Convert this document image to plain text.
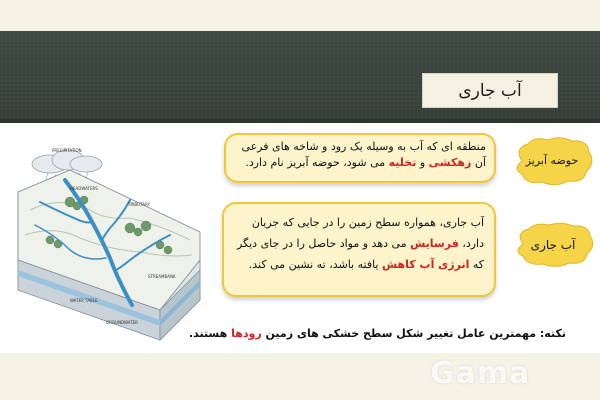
آب جاری
PRECIPITATION
HEADWATERS
TRIBUTARY
STREAMBANK
WATER TABLE
GROUNDWATER
منطقه ای که آب به وسیله یک رود و شاخه های فرعی آن زهکشی و تخلیه می شود، حوضه آبریز نام دارد.	حوضه آبریز
آب جاری، همواره سطح زمین را در جایی که جریان دارد، فرسایش می دهد و مواد حاصل را در جای دیگر که انرژی آب کاهش یافته باشد، ته نشین می کند.
آب جاری
نکته: مهمترین عامل تغییر شکل سطح خشکی های زمین رودها هستند.
Gama
